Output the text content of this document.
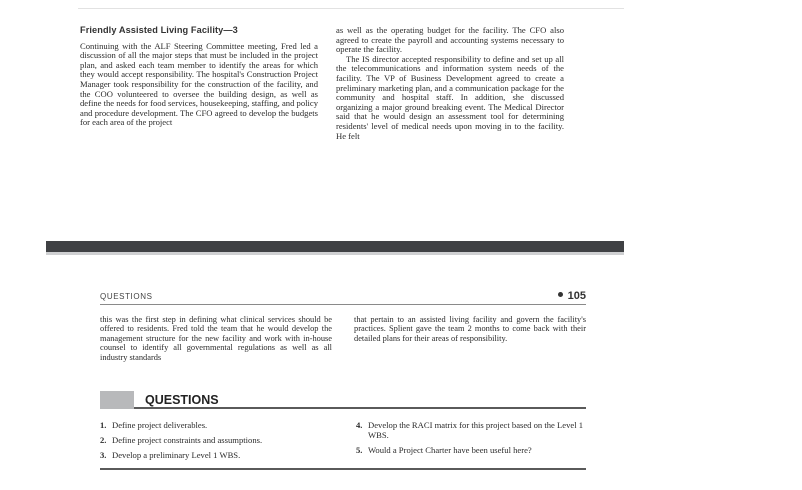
Friendly Assisted Living Facility—3

Continuing with the ALF Steering Committee meeting, Fred led a discussion of all the major steps that must be included in the project plan, and asked each team member to identify the areas for which they would accept responsibility. The hospital's Construction Project Manager took responsibility for the construction of the facility, and the COO volunteered to oversee the building design, as well as define the needs for food services, housekeeping, staffing, and policy and procedure development. The CFO agreed to develop the budgets for each area of the project

as well as the operating budget for the facility. The CFO also agreed to create the payroll and accounting systems necessary to operate the facility.

The IS director accepted responsibility to define and set up all the telecommunications and information system needs of the facility. The VP of Business Development agreed to create a preliminary marketing plan, and a communication package for the community and hospital staff. In addition, she discussed organizing a major ground breaking event. The Medical Director said that he would design an assessment tool for determining residents' level of medical needs upon moving in to the facility. He felt

QUESTIONS	105

this was the first step in defining what clinical services should be offered to residents. Fred told the team that he would develop the management structure for the new facility and work with in-house counsel to identify all governmental regulations as well as all industry standards

that pertain to an assisted living facility and govern the facility's practices. Splient gave the team 2 months to come back with their detailed plans for their areas of responsibility.

QUESTIONS
1. Define project deliverables.
2. Define project constraints and assumptions.
3. Develop a preliminary Level 1 WBS.
4. Develop the RACI matrix for this project based on the Level 1 WBS.
5. Would a Project Charter have been useful here?
